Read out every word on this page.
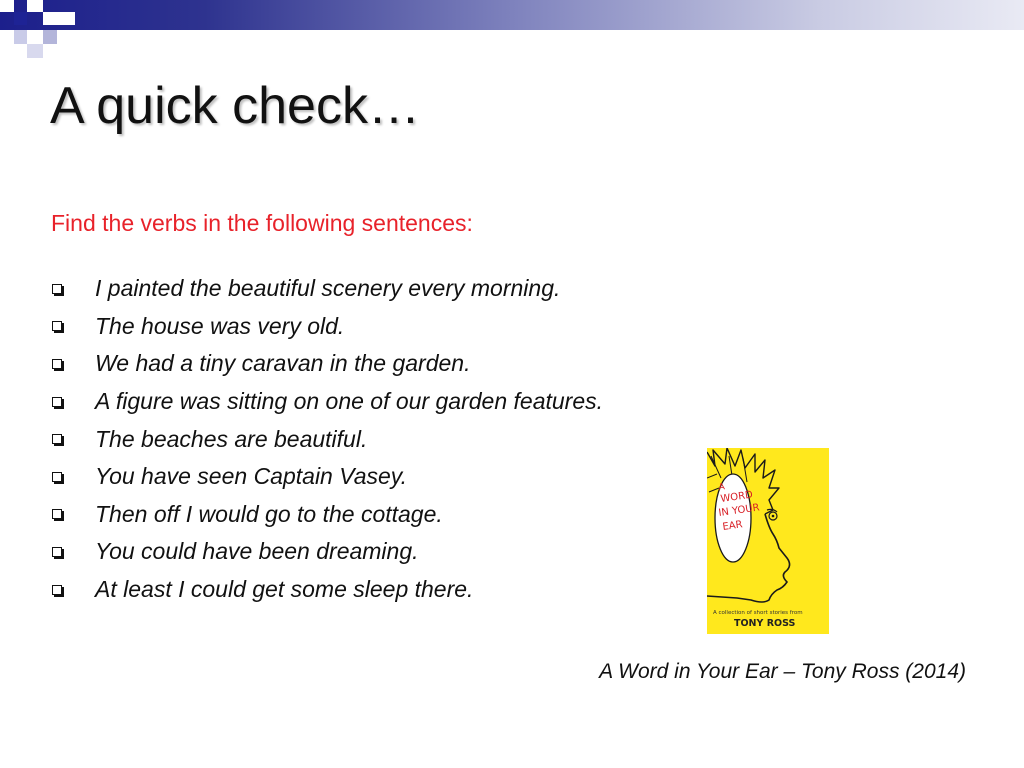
A quick check…
Find the verbs in the following sentences:
I painted the beautiful scenery every morning.
The house was very old.
We had a tiny caravan in the garden.
A figure was sitting on one of our garden features.
The beaches are beautiful.
You have seen Captain Vasey.
Then off I would go to the cottage.
You could have been dreaming.
At least I could get some sleep there.
A
WORD
IN YOUR
EAR
A collection of short stories from
TONY ROSS
A Word in Your Ear – Tony Ross (2014)
